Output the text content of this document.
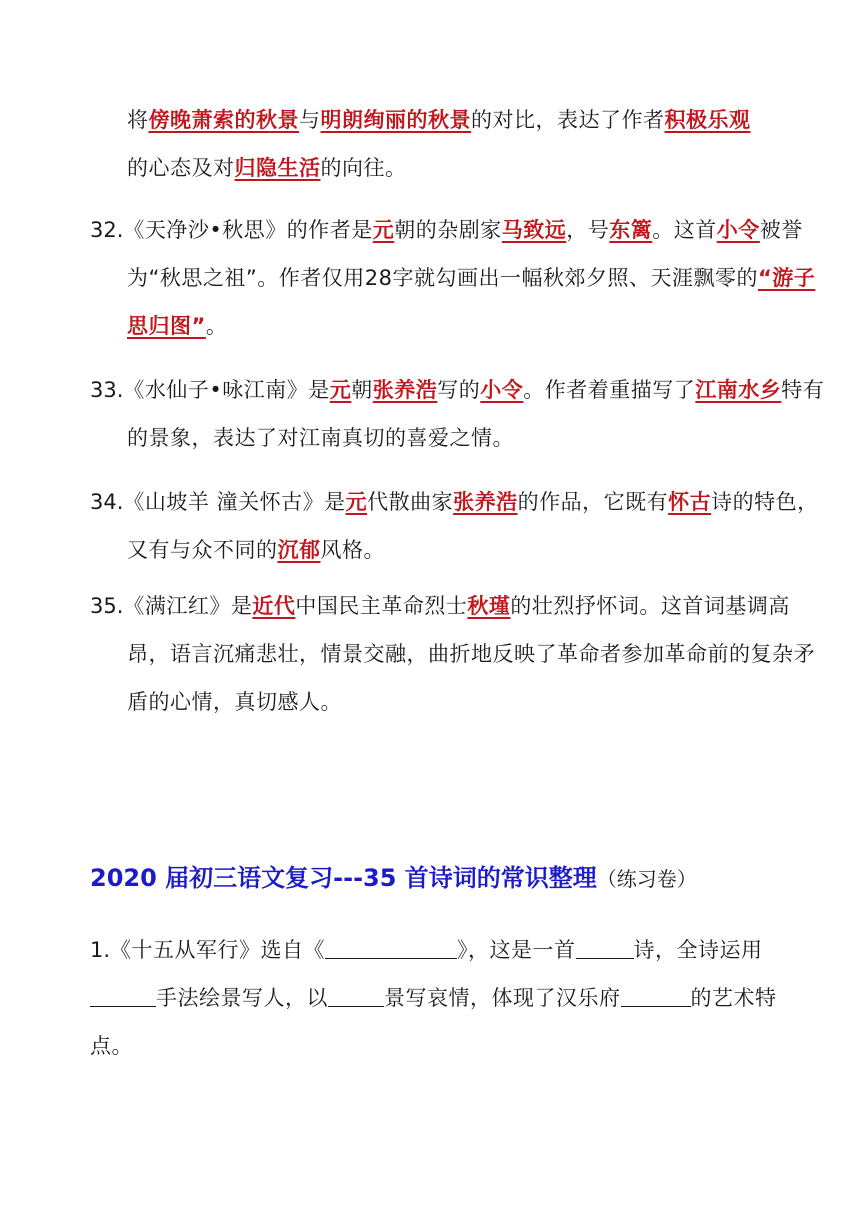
将傍晚萧索的秋景与明朗绚丽的秋景的对比，表达了作者积极乐观
的心态及对归隐生活的向往。

32.《天净沙•秋思》的作者是元朝的杂剧家马致远，号东篱。这首小令被誉为“秋思之祖”。作者仅用28字就勾画出一幅秋郊夕照、天涯飘零的“游子思归图”。

33.《水仙子•咏江南》是元朝张养浩写的小令。作者着重描写了江南水乡特有的景象，表达了对江南真切的喜爱之情。

34.《山坡羊 潼关怀古》是元代散曲家张养浩的作品，它既有怀古诗的特色，又有与众不同的沉郁风格。

35.《满江红》是近代中国民主革命烈士秋瑾的壮烈抒怀词。这首词基调高昂，语言沉痛悲壮，情景交融，曲折地反映了革命者参加革命前的复杂矛盾的心情，真切感人。

2020 届初三语文复习---35 首诗词的常识整理（练习卷）

1.《十五从军行》选自《	》，这是一首	诗，全诗运用手法绘景写人，以	景写哀情，体现了汉乐府	的艺术特点。
